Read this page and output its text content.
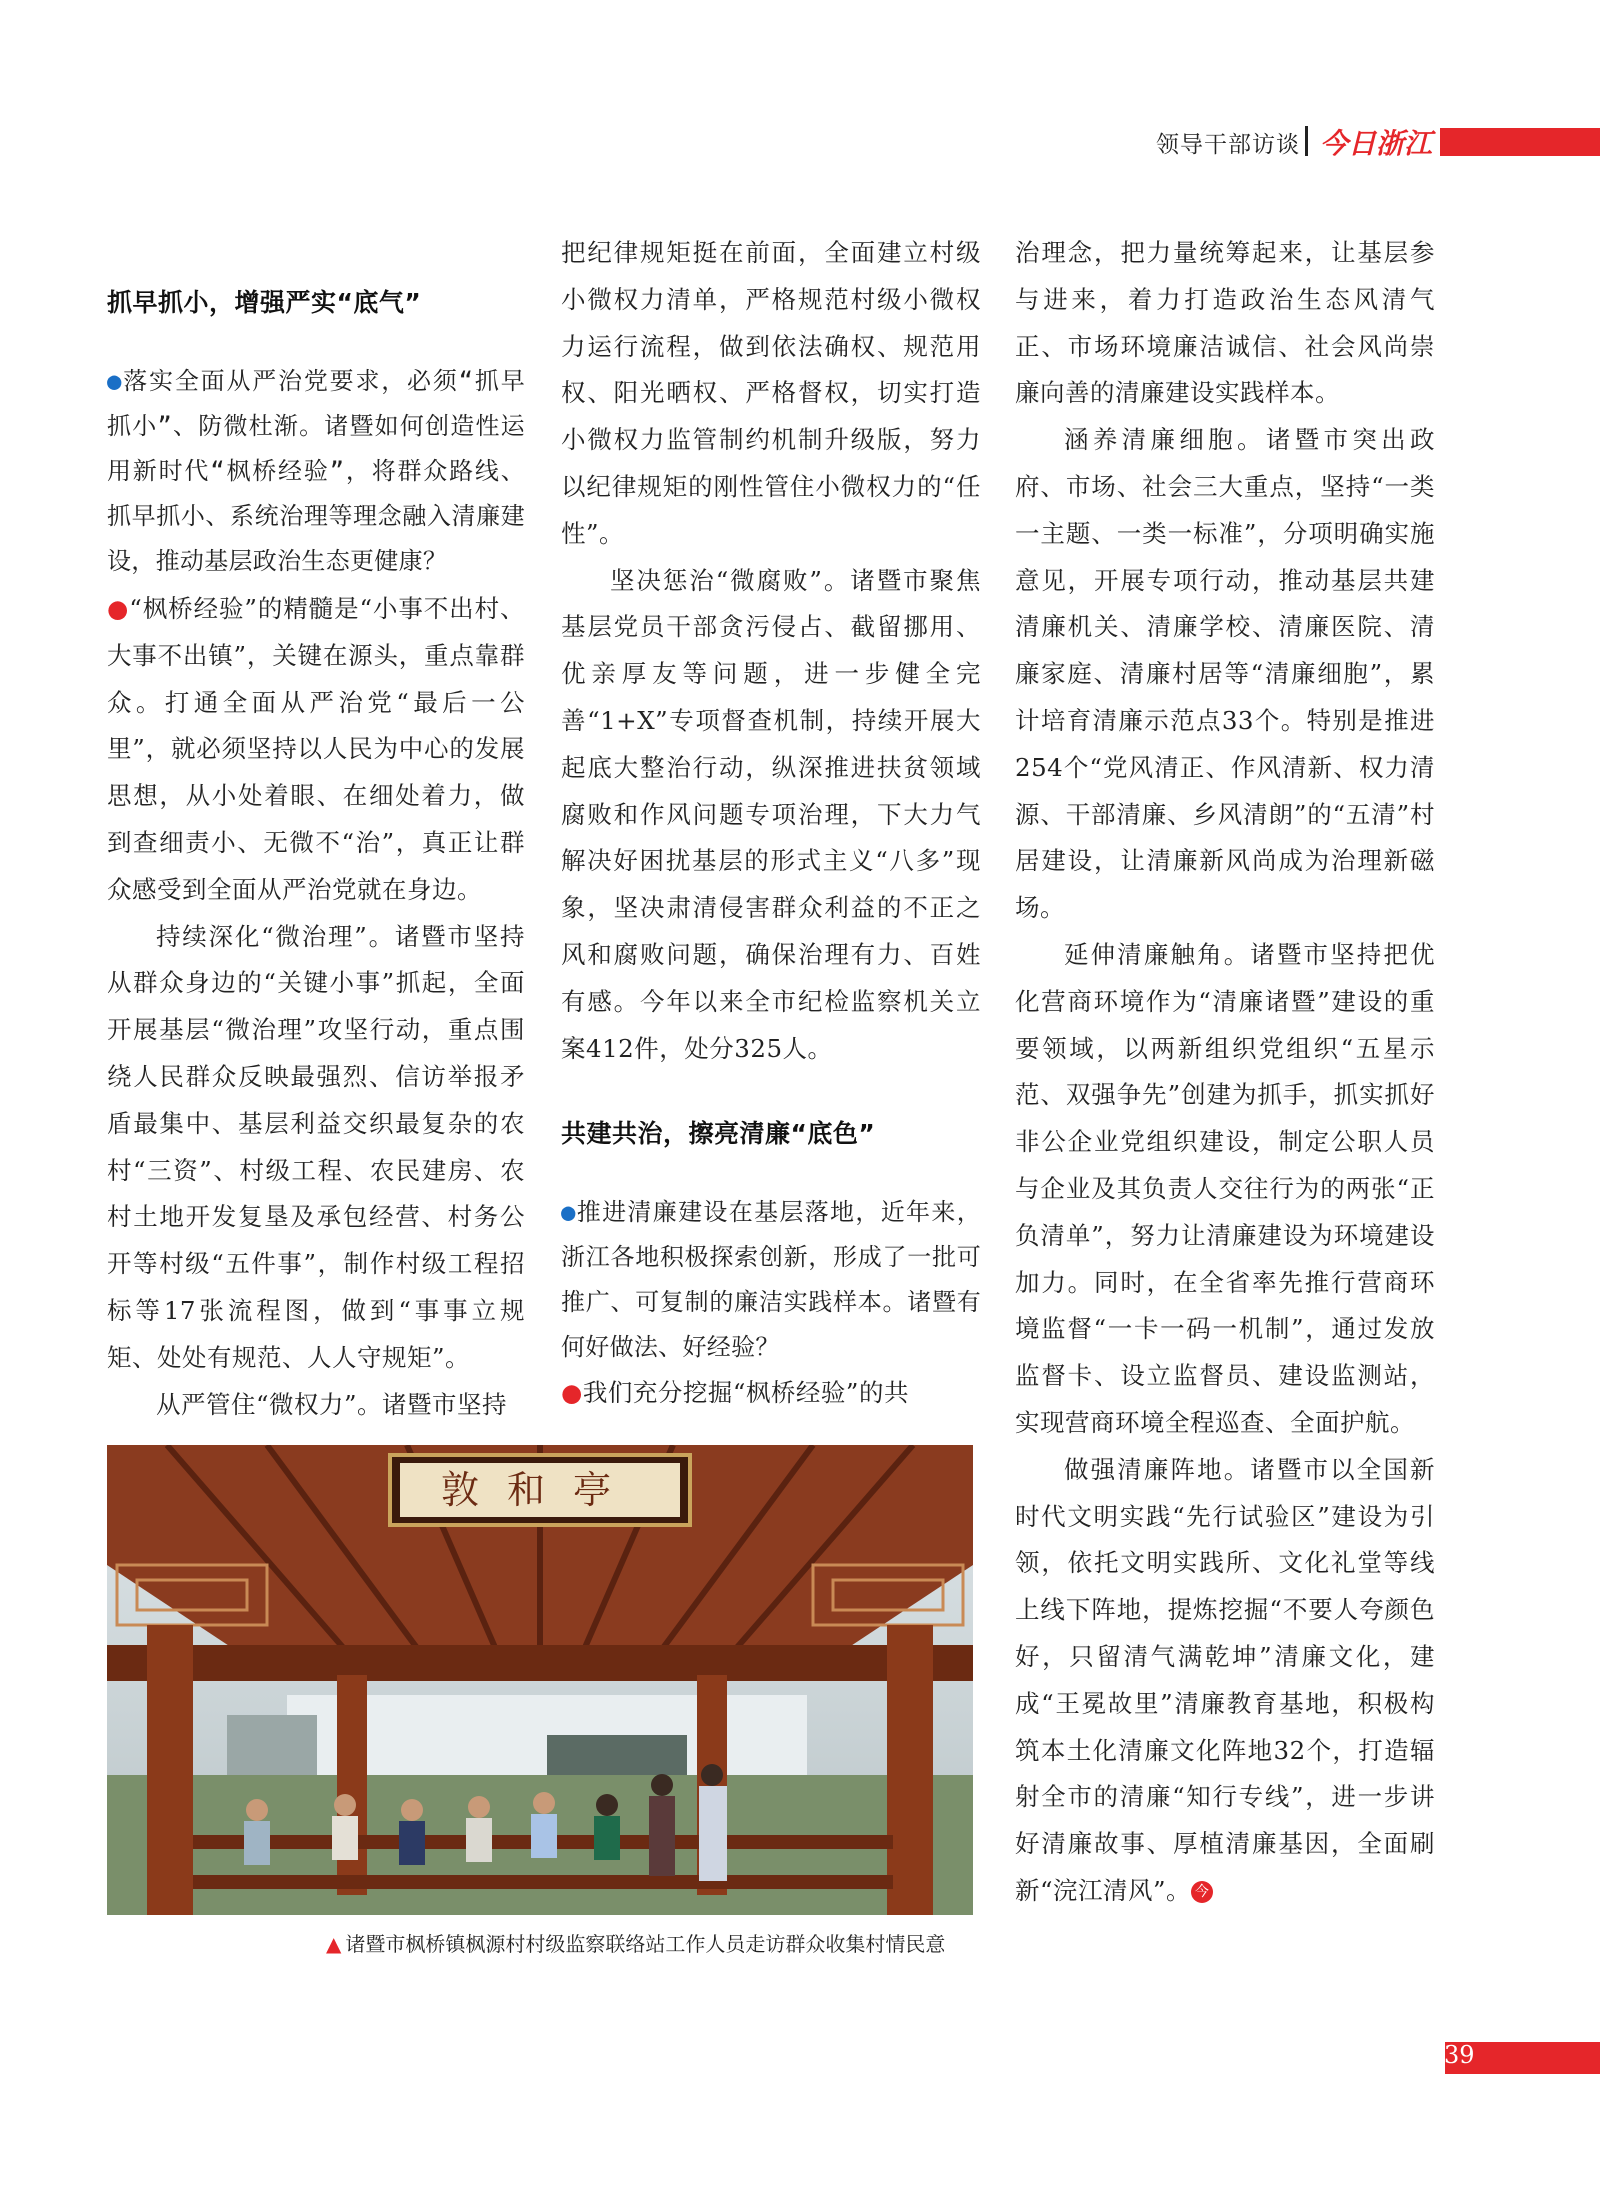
领导干部访谈 今日浙江

抓早抓小，增强严实“底气”

●落实全面从严治党要求，必须“抓早抓小”、防微杜渐。诸暨如何创造性运用新时代“枫桥经验”，将群众路线、抓早抓小、系统治理等理念融入清廉建设，推动基层政治生态更健康？

●“枫桥经验”的精髓是“小事不出村、大事不出镇”，关键在源头，重点靠群众。打通全面从严治党“最后一公里”，就必须坚持以人民为中心的发展思想，从小处着眼、在细处着力，做到查细责小、无微不“治”，真正让群众感受到全面从严治党就在身边。

持续深化“微治理”。诸暨市坚持从群众身边的“关键小事”抓起，全面开展基层“微治理”攻坚行动，重点围绕人民群众反映最强烈、信访举报矛盾最集中、基层利益交织最复杂的农村“三资”、村级工程、农民建房、农村土地开发复垦及承包经营、村务公开等村级“五件事”，制作村级工程招标等17张流程图，做到“事事立规矩、处处有规范、人人守规矩”。

从严管住“微权力”。诸暨市坚持

把纪律规矩挺在前面，全面建立村级小微权力清单，严格规范村级小微权力运行流程，做到依法确权、规范用权、阳光晒权、严格督权，切实打造小微权力监管制约机制升级版，努力以纪律规矩的刚性管住小微权力的“任性”。

坚决惩治“微腐败”。诸暨市聚焦基层党员干部贪污侵占、截留挪用、优亲厚友等问题，进一步健全完善“1+X”专项督查机制，持续开展大起底大整治行动，纵深推进扶贫领域腐败和作风问题专项治理，下大力气解决好困扰基层的形式主义“八多”现象，坚决肃清侵害群众利益的不正之风和腐败问题，确保治理有力、百姓有感。今年以来全市纪检监察机关立案412件，处分325人。

共建共治，擦亮清廉“底色”

●推进清廉建设在基层落地，近年来，浙江各地积极探索创新，形成了一批可推广、可复制的廉洁实践样本。诸暨有何好做法、好经验？

●我们充分挖掘“枫桥经验”的共

治理念，把力量统筹起来，让基层参与进来，着力打造政治生态风清气正、市场环境廉洁诚信、社会风尚崇廉向善的清廉建设实践样本。

涵养清廉细胞。诸暨市突出政府、市场、社会三大重点，坚持“一类一主题、一类一标准”，分项明确实施意见，开展专项行动，推动基层共建清廉机关、清廉学校、清廉医院、清廉家庭、清廉村居等“清廉细胞”，累计培育清廉示范点33个。特别是推进254个“党风清正、作风清新、权力清源、干部清廉、乡风清朗”的“五清”村居建设，让清廉新风尚成为治理新磁场。

延伸清廉触角。诸暨市坚持把优化营商环境作为“清廉诸暨”建设的重要领域，以两新组织党组织“五星示范、双强争先”创建为抓手，抓实抓好非公企业党组织建设，制定公职人员与企业及其负责人交往行为的两张“正负清单”，努力让清廉建设为环境建设加力。同时，在全省率先推行营商环境监督“一卡一码一机制”，通过发放监督卡、设立监督员、建设监测站，实现营商环境全程巡查、全面护航。

做强清廉阵地。诸暨市以全国新时代文明实践“先行试验区”建设为引领，依托文明实践所、文化礼堂等线上线下阵地，提炼挖掘“不要人夸颜色好，只留清气满乾坤”清廉文化，建成“王冕故里”清廉教育基地，积极构筑本土化清廉文化阵地32个，打造辐射全市的清廉“知行专线”，进一步讲好清廉故事、厚植清廉基因，全面刷新“浣江清风”。 今

敦和亭
▲ 诸暨市枫桥镇枫源村村级监察联络站工作人员走访群众收集村情民意
39
